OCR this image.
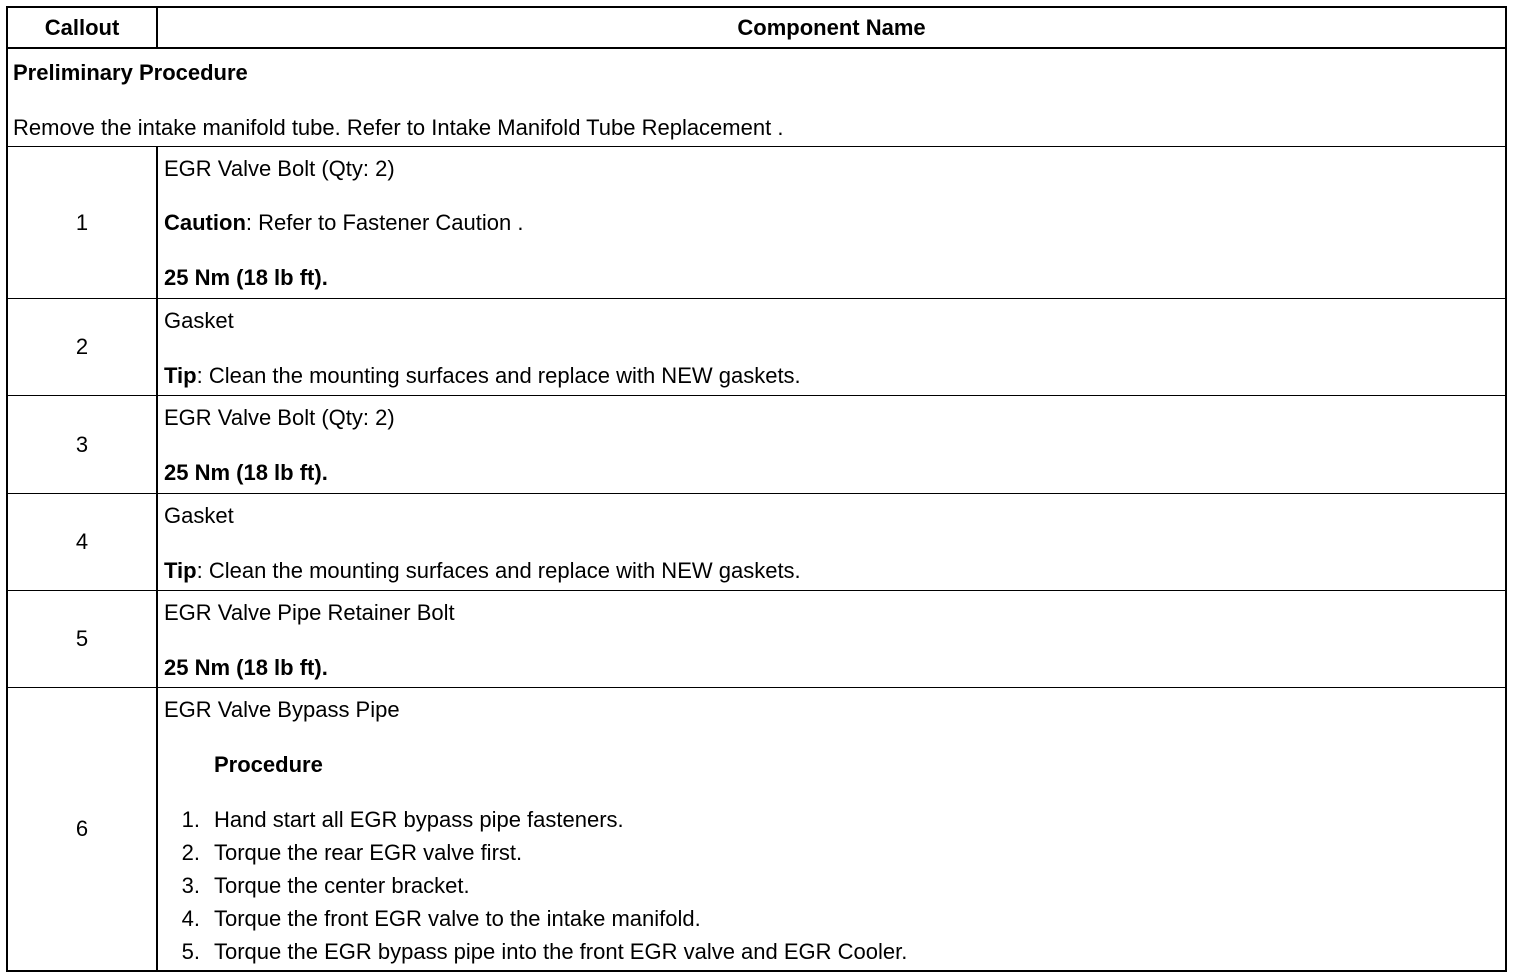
Callout	Component Name
Preliminary Procedure
Remove the intake manifold tube. Refer to Intake Manifold Tube Replacement .
1
EGR Valve Bolt (Qty: 2)
Caution: Refer to Fastener Caution .
25 Nm (18 lb ft).
2
Gasket
Tip: Clean the mounting surfaces and replace with NEW gaskets.
3
EGR Valve Bolt (Qty: 2)
25 Nm (18 lb ft).
4
Gasket
Tip: Clean the mounting surfaces and replace with NEW gaskets.
5
EGR Valve Pipe Retainer Bolt
25 Nm (18 lb ft).
6
EGR Valve Bypass Pipe
Procedure
1. Hand start all EGR bypass pipe fasteners.
2. Torque the rear EGR valve first.
3. Torque the center bracket.
4. Torque the front EGR valve to the intake manifold.
5. Torque the EGR bypass pipe into the front EGR valve and EGR Cooler.
